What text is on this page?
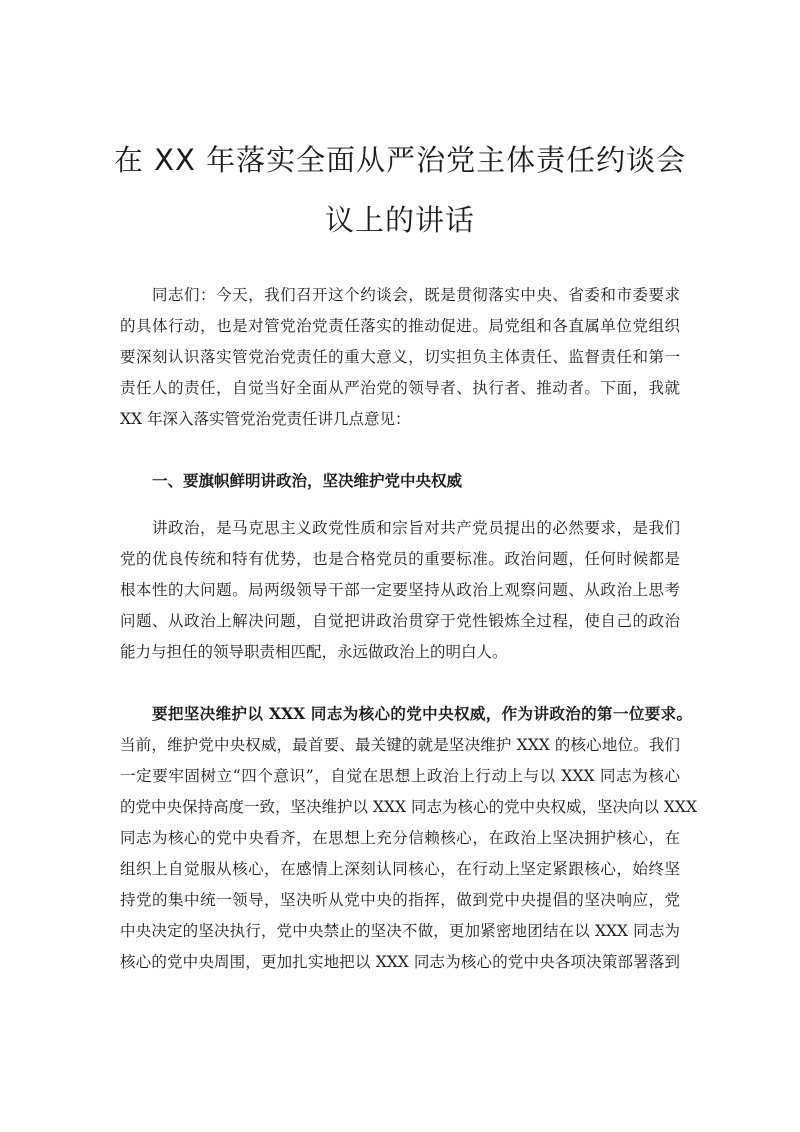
在 XX 年落实全面从严治党主体责任约谈会
议上的讲话
同志们：今天，我们召开这个约谈会，既是贯彻落实中央、省委和市委要求
的具体行动，也是对管党治党责任落实的推动促进。局党组和各直属单位党组织
要深刻认识落实管党治党责任的重大意义，切实担负主体责任、监督责任和第一
责任人的责任，自觉当好全面从严治党的领导者、执行者、推动者。下面，我就
XX 年深入落实管党治党责任讲几点意见：
一、要旗帜鲜明讲政治，坚决维护党中央权威
讲政治，是马克思主义政党性质和宗旨对共产党员提出的必然要求，是我们
党的优良传统和特有优势，也是合格党员的重要标准。政治问题，任何时候都是
根本性的大问题。局两级领导干部一定要坚持从政治上观察问题、从政治上思考
问题、从政治上解决问题，自觉把讲政治贯穿于党性锻炼全过程，使自己的政治
能力与担任的领导职责相匹配，永远做政治上的明白人。
要把坚决维护以 XXX 同志为核心的党中央权威，作为讲政治的第一位要求。
当前，维护党中央权威，最首要、最关键的就是坚决维护 XXX 的核心地位。我们
一定要牢固树立“四个意识”，自觉在思想上政治上行动上与以 XXX 同志为核心
的党中央保持高度一致，坚决维护以 XXX 同志为核心的党中央权威，坚决向以 XXX
同志为核心的党中央看齐，在思想上充分信赖核心，在政治上坚决拥护核心，在
组织上自觉服从核心，在感情上深刻认同核心，在行动上坚定紧跟核心，始终坚
持党的集中统一领导，坚决听从党中央的指挥，做到党中央提倡的坚决响应，党
中央决定的坚决执行，党中央禁止的坚决不做，更加紧密地团结在以 XXX 同志为
核心的党中央周围，更加扎实地把以 XXX 同志为核心的党中央各项决策部署落到
